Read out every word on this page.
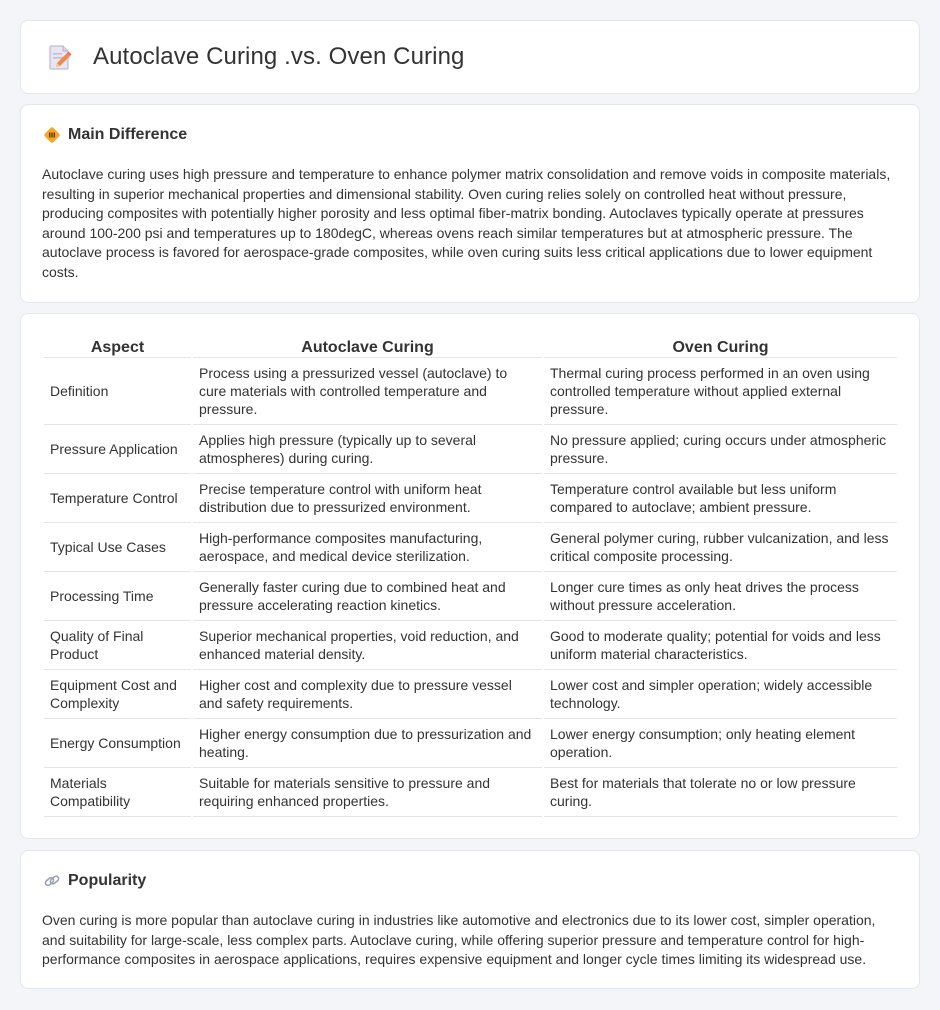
Autoclave Curing .vs. Oven Curing
Main Difference

Autoclave curing uses high pressure and temperature to enhance polymer matrix consolidation and remove voids in composite materials, resulting in superior mechanical properties and dimensional stability. Oven curing relies solely on controlled heat without pressure, producing composites with potentially higher porosity and less optimal fiber-matrix bonding. Autoclaves typically operate at pressures around 100-200 psi and temperatures up to 180degC, whereas ovens reach similar temperatures but at atmospheric pressure. The autoclave process is favored for aerospace-grade composites, while oven curing suits less critical applications due to lower equipment costs.

Aspect	Autoclave Curing	Oven Curing
Definition	Process using a pressurized vessel (autoclave) to cure materials with controlled temperature and pressure.	Thermal curing process performed in an oven using controlled temperature without applied external pressure.
Pressure Application	Applies high pressure (typically up to several atmospheres) during curing.	No pressure applied; curing occurs under atmospheric pressure.
Temperature Control	Precise temperature control with uniform heat distribution due to pressurized environment.	Temperature control available but less uniform compared to autoclave; ambient pressure.
Typical Use Cases	High-performance composites manufacturing, aerospace, and medical device sterilization.	General polymer curing, rubber vulcanization, and less critical composite processing.
Processing Time	Generally faster curing due to combined heat and pressure accelerating reaction kinetics.	Longer cure times as only heat drives the process without pressure acceleration.
Quality of Final Product	Superior mechanical properties, void reduction, and enhanced material density.	Good to moderate quality; potential for voids and less uniform material characteristics.
Equipment Cost and Complexity	Higher cost and complexity due to pressure vessel and safety requirements.	Lower cost and simpler operation; widely accessible technology.
Energy Consumption	Higher energy consumption due to pressurization and heating.	Lower energy consumption; only heating element operation.
Materials Compatibility	Suitable for materials sensitive to pressure and requiring enhanced properties.	Best for materials that tolerate no or low pressure curing.
Popularity

Oven curing is more popular than autoclave curing in industries like automotive and electronics due to its lower cost, simpler operation, and suitability for large-scale, less complex parts. Autoclave curing, while offering superior pressure and temperature control for high-performance composites in aerospace applications, requires expensive equipment and longer cycle times limiting its widespread use.
